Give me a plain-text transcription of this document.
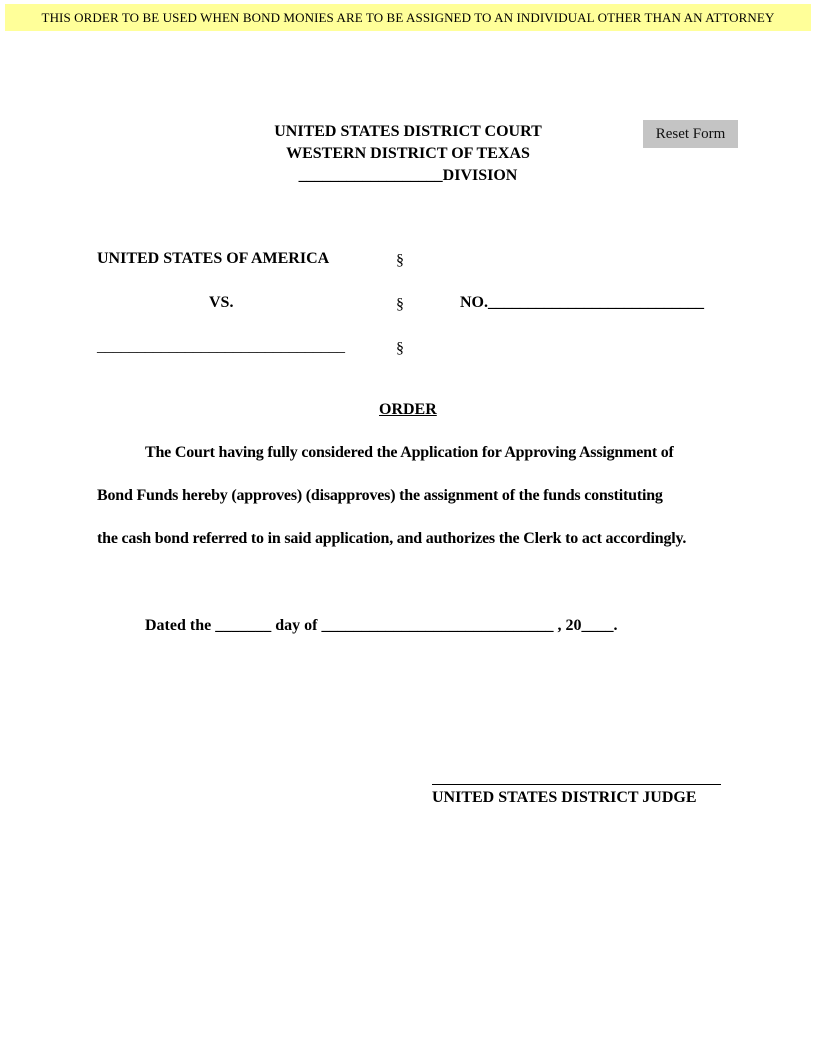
THIS ORDER TO BE USED WHEN BOND MONIES ARE TO BE ASSIGNED TO AN INDIVIDUAL OTHER THAN AN ATTORNEY
Reset Form
UNITED STATES DISTRICT COURT
WESTERN DISTRICT OF TEXAS
__________________DIVISION
UNITED STATES OF AMERICA	§
VS.	§	NO.___________________________
_______________________________	§
ORDER
The Court having fully considered the Application for Approving Assignment of
Bond Funds hereby (approves) (disapproves) the assignment of the funds constituting
the cash bond referred to in said application, and authorizes the Clerk to act accordingly.
Dated the _______ day of _____________________________ , 20____.
UNITED STATES DISTRICT JUDGE
